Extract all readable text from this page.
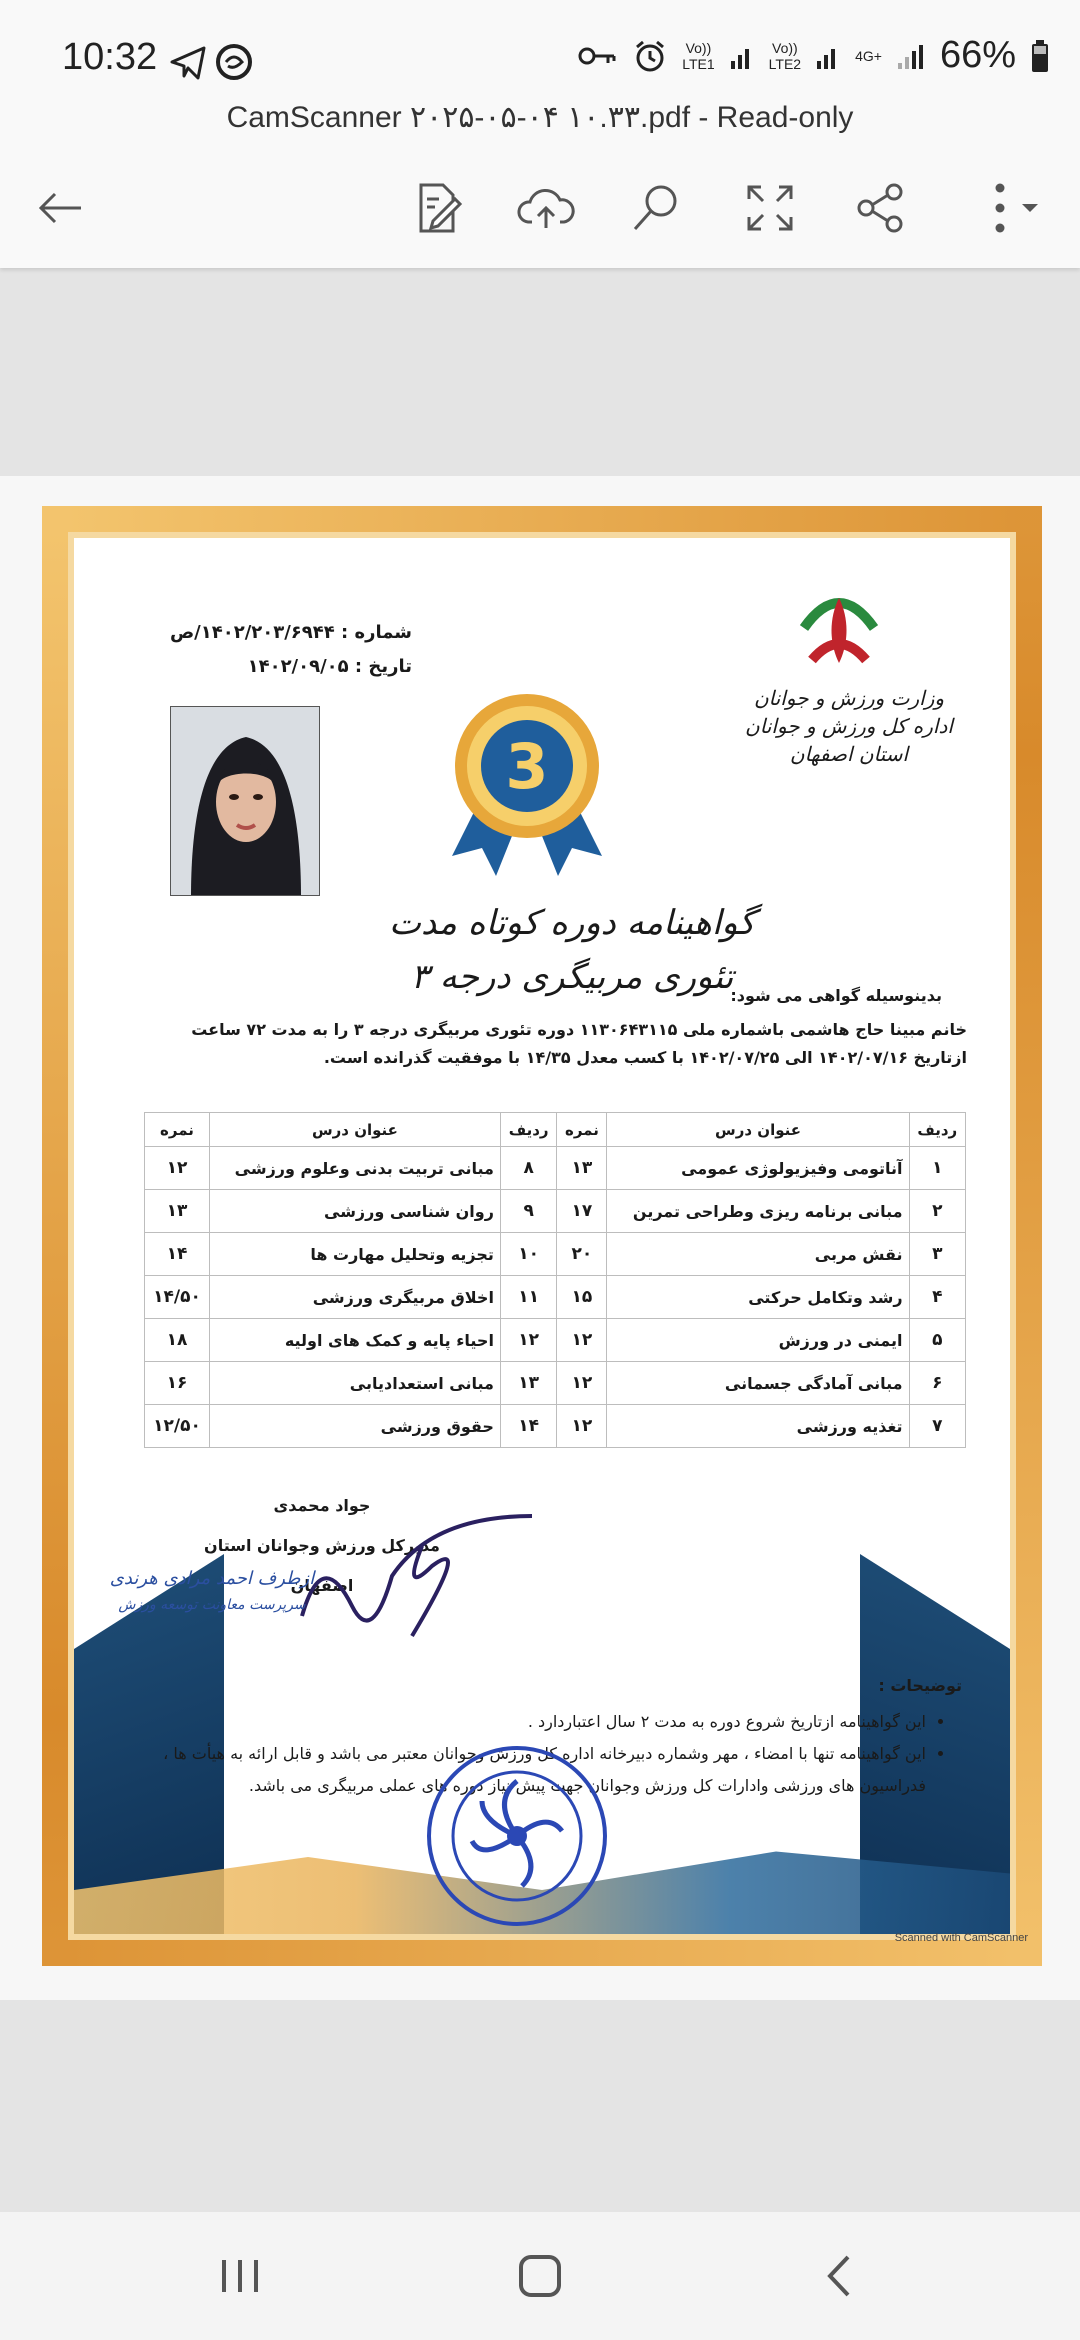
10:32	Vo))
LTE1
Vo))
LTE2	4G+ 66%
CamScanner ۲۰۲۵-۰۵-۰۴ ۱۰.۳۳.pdf - Read-only
وزارت ورزش و جوانان
اداره کل ورزش و جوانان استان اصفهان
شماره : ۱۴۰۲/۲۰۳/۶۹۴۴/ص
تاریخ : ۱۴۰۲/۰۹/۰۵
3
گواهینامه دوره کوتاه مدت
تئوری مربیگری درجه ۳
بدینوسیله گواهی می شود:
خانم مبینا حاج هاشمی باشماره ملی ۱۱۳۰۶۴۳۱۱۵ دوره تئوری مربیگری درجه ۳ را به مدت ۷۲ ساعت
ازتاریخ ۱۴۰۲/۰۷/۱۶ الی ۱۴۰۲/۰۷/۲۵ با کسب معدل ۱۴/۳۵ با موفقیت گذرانده است.
ردیف	عنوان درس	نمره	ردیف	عنوان درس	نمره
۱	آناتومی وفیزیولوژی عمومی	۱۳	۸	مبانی تربیت بدنی وعلوم ورزشی	۱۲
۲	مبانی برنامه ریزی وطراحی تمرین	۱۷	۹	روان شناسی ورزشی	۱۳
۳	نقش مربی	۲۰	۱۰	تجزیه وتحلیل مهارت ها	۱۴
۴	رشد وتکامل حرکتی	۱۵	۱۱	اخلاق مربیگری ورزشی	۱۴/۵۰
۵	ایمنی در ورزش	۱۲	۱۲	احیاء پایه و کمک های اولیه	۱۸
۶	مبانی آمادگی جسمانی	۱۲	۱۳	مبانی استعدادیابی	۱۶
۷	تغذیه ورزشی	۱۲	۱۴	حقوق ورزشی	۱۲/۵۰
جواد محمدی
مدیرکل ورزش وجوانان استان اصفهان
ازطرف احمد مرادی هرندی
سرپرست معاونت توسعه ورزش
توضیحات :
• این گواهینامه ازتاریخ شروع دوره به مدت ۲ سال اعتباردارد .
• این گواهینامه تنها با امضاء ، مهر وشماره دبیرخانه اداره کل ورزش وجوانان معتبر می باشد و قابل ارائه به هیأت ها ، فدراسیون های ورزشی وادارات کل ورزش وجوانان جهت پیش نیاز دوره های عملی مربیگری می باشد.
Scanned with CamScanner
